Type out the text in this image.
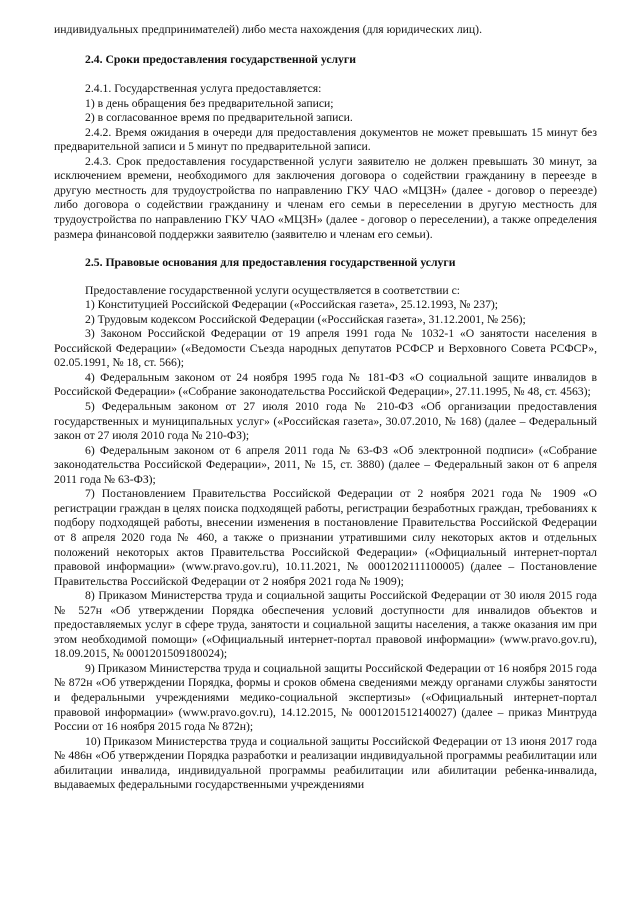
индивидуальных предпринимателей) либо места нахождения (для юридических лиц).

2.4. Сроки предоставления государственной услуги

2.4.1. Государственная услуга предоставляется:

1) в день обращения без предварительной записи;

2) в согласованное время по предварительной записи.

2.4.2. Время ожидания в очереди для предоставления документов не может превышать 15 минут без предварительной записи и 5 минут по предварительной записи.

2.4.3. Срок предоставления государственной услуги заявителю не должен превышать 30 минут, за исключением времени, необходимого для заключения договора о содействии гражданину в переезде в другую местность для трудоустройства по направлению ГКУ ЧАО «МЦЗН» (далее - договор о переезде) либо договора о содействии гражданину и членам его семьи в переселении в другую местность для трудоустройства по направлению ГКУ ЧАО «МЦЗН» (далее - договор о переселении), а также определения размера финансовой поддержки заявителю (заявителю и членам его семьи).

2.5. Правовые основания для предоставления государственной услуги

Предоставление государственной услуги осуществляется в соответствии с:

1) Конституцией Российской Федерации («Российская газета», 25.12.1993, № 237);

2) Трудовым кодексом Российской Федерации («Российская газета», 31.12.2001, № 256);

3) Законом Российской Федерации от 19 апреля 1991 года № 1032-1 «О занятости населения в Российской Федерации» («Ведомости Съезда народных депутатов РСФСР и Верховного Совета РСФСР», 02.05.1991, № 18, ст. 566);

4) Федеральным законом от 24 ноября 1995 года № 181-ФЗ «О социальной защите инвалидов в Российской Федерации» («Собрание законодательства Российской Федерации», 27.11.1995, № 48, ст. 4563);

5) Федеральным законом от 27 июля 2010 года № 210-ФЗ «Об организации предоставления государственных и муниципальных услуг» («Российская газета», 30.07.2010, № 168) (далее – Федеральный закон от 27 июля 2010 года № 210-ФЗ);

6) Федеральным законом от 6 апреля 2011 года № 63-ФЗ «Об электронной подписи» («Собрание законодательства Российской Федерации», 2011, № 15, ст. 3880) (далее – Федеральный закон от 6 апреля 2011 года № 63-ФЗ);

7) Постановлением Правительства Российской Федерации от 2 ноября 2021 года № 1909 «О регистрации граждан в целях поиска подходящей работы, регистрации безработных граждан, требованиях к подбору подходящей работы, внесении изменения в постановление Правительства Российской Федерации от 8 апреля 2020 года № 460, а также о признании утратившими силу некоторых актов и отдельных положений некоторых актов Правительства Российской Федерации» («Официальный интернет-портал правовой информации» (www.pravo.gov.ru), 10.11.2021, № 0001202111100005) (далее – Постановление Правительства Российской Федерации от 2 ноября 2021 года № 1909);

8) Приказом Министерства труда и социальной защиты Российской Федерации от 30 июля 2015 года № 527н «Об утверждении Порядка обеспечения условий доступности для инвалидов объектов и предоставляемых услуг в сфере труда, занятости и социальной защиты населения, а также оказания им при этом необходимой помощи» («Официальный интернет-портал правовой информации» (www.pravo.gov.ru), 18.09.2015, № 0001201509180024);

9) Приказом Министерства труда и социальной защиты Российской Федерации от 16 ноября 2015 года № 872н «Об утверждении Порядка, формы и сроков обмена сведениями между органами службы занятости и федеральными учреждениями медико-социальной экспертизы» («Официальный интернет-портал правовой информации» (www.pravo.gov.ru), 14.12.2015, № 0001201512140027) (далее – приказ Минтруда России от 16 ноября 2015 года № 872н);

10) Приказом Министерства труда и социальной защиты Российской Федерации от 13 июня 2017 года № 486н «Об утверждении Порядка разработки и реализации индивидуальной программы реабилитации или абилитации инвалида, индивидуальной программы реабилитации или абилитации ребенка-инвалида, выдаваемых федеральными государственными учреждениями
